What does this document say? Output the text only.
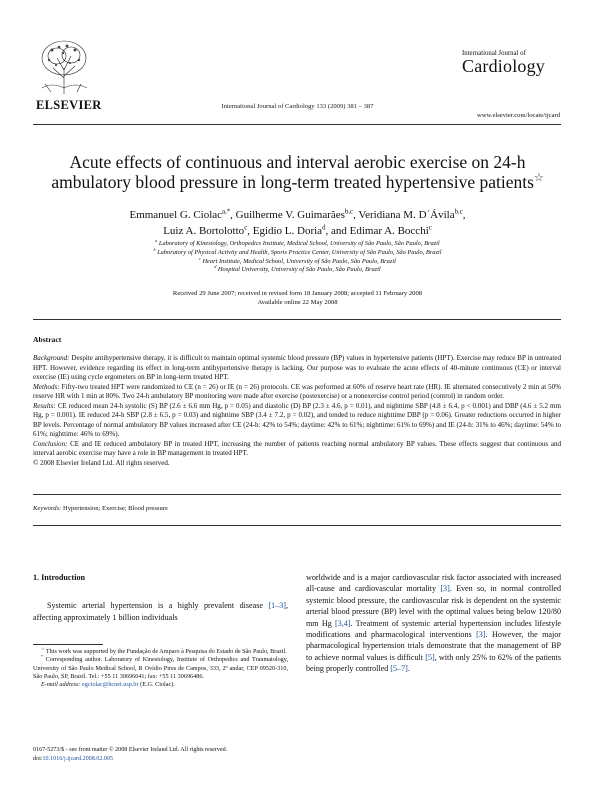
ELSEVIER	International Journal of Cardiology 133 (2009) 381 – 387
International Journal of
Cardiology
www.elsevier.com/locate/ijcard
Acute effects of continuous and interval aerobic exercise on 24-h ambulatory blood pressure in long-term treated hypertensive patients☆
Emmanuel G. Ciolac$^{a,*}$, Guilherme V. Guimarães$^{b,c}$, Veridiana M. D´Ávila$^{b,c}$,
Luiz A. Bortolotto$^c$, Egidio L. Doria$^d$, and Edimar A. Bocchi$^c$
$^a$ Laboratory of Kinesiology, Orthopedics Institute, Medical School, University of São Paulo, São Paulo, Brazil
$^b$ Laboratory of Physical Activity and Health, Sports Practice Center, University of São Paulo, São Paulo, Brazil
$^c$ Heart Institute, Medical School, University of São Paulo, São Paulo, Brazil
$^d$ Hospital University, University of São Paulo, São Paulo, Brazil
Received 29 June 2007; received in revised form 18 January 2008; accepted 11 February 2008
Available online 22 May 2008
Abstract

Background: Despite antihypertensive therapy, it is difficult to maintain optimal systemic blood pressure (BP) values in hypertensive patients (HPT). Exercise may reduce BP in untreated HPT. However, evidence regarding its effect in long-term antihypertensive therapy is lacking. Our purpose was to evaluate the acute effects of 40-minute continuous (CE) or interval exercise (IE) using cycle ergometers on BP in long-term treated HPT.

Methods: Fifty-two treated HPT were randomized to CE (n = 26) or IE (n = 26) protocols. CE was performed at 60% of reserve heart rate (HR). IE alternated consecutively 2 min at 50% reserve HR with 1 min at 80%. Two 24-h ambulatory BP monitoring were made after exercise (postexercise) or a nonexercise control period (control) in random order.

Results: CE reduced mean 24-h systolic (S) BP (2.6 ± 6.6 mm Hg, p = 0.05) and diastolic (D) BP (2.3 ± 4.6, p = 0.01), and nighttime SBP (4.8 ± 6.4, p < 0.001) and DBP (4.6 ± 5.2 mm Hg, p = 0.001). IE reduced 24-h SBP (2.8 ± 6.5, p = 0.03) and nighttime SBP (3.4 ± 7.2, p = 0.02), and tended to reduce nighttime DBP (p = 0.06). Greater reductions occurred in higher BP levels. Percentage of normal ambulatory BP values increased after CE (24-h: 42% to 54%; daytime: 42% to 61%; nighttime: 61% to 69%) and IE (24-h: 31% to 46%; daytime: 54% to 61%; nighttime: 46% to 69%).

Conclusion: CE and IE reduced ambulatory BP in treated HPT, increasing the number of patients reaching normal ambulatory BP values. These effects suggest that continuous and interval aerobic exercise may have a role in BP management in treated HPT.

© 2008 Elsevier Ireland Ltd. All rights reserved.

Keywords: Hypertension; Exercise; Blood pressure
1. Introduction

Systemic arterial hypertension is a highly prevalent disease [1–3], affecting approximately 1 billion individuals

☆ This work was supported by the Fundação de Amparo à Pesquisa do Estado de São Paulo, Brazil.

* Corresponding author. Laboratory of Kinesiology, Institute of Orthopedics and Traumatology, University of São Paulo Medical School, R Ovídio Pires de Campos, 333, 2º andar, CEP 09520-310, São Paulo, SP, Brazil. Tel.: +55 11 30696041; fax: +55 11 30696486.

E-mail address: egciolac@hcnet.usp.br (E.G. Ciolac).

worldwide and is a major cardiovascular risk factor associated with increased all-cause and cardiovascular mortality [3]. Even so, in normal controlled systemic blood pressure, the cardiovascular risk is dependent on the systemic arterial blood pressure (BP) level with the optimal values being below 120/80 mm Hg [3,4]. Treatment of systemic arterial hypertension includes lifestyle modifications and pharmacological interventions [3]. However, the major pharmacological hypertension trials demonstrate that the management of BP to achieve normal values is difficult [5], with only 25% to 62% of the patients being properly controlled [5–7].

0167-5273/$ - see front matter © 2008 Elsevier Ireland Ltd. All rights reserved.
doi:10.1016/j.ijcard.2008.02.005
